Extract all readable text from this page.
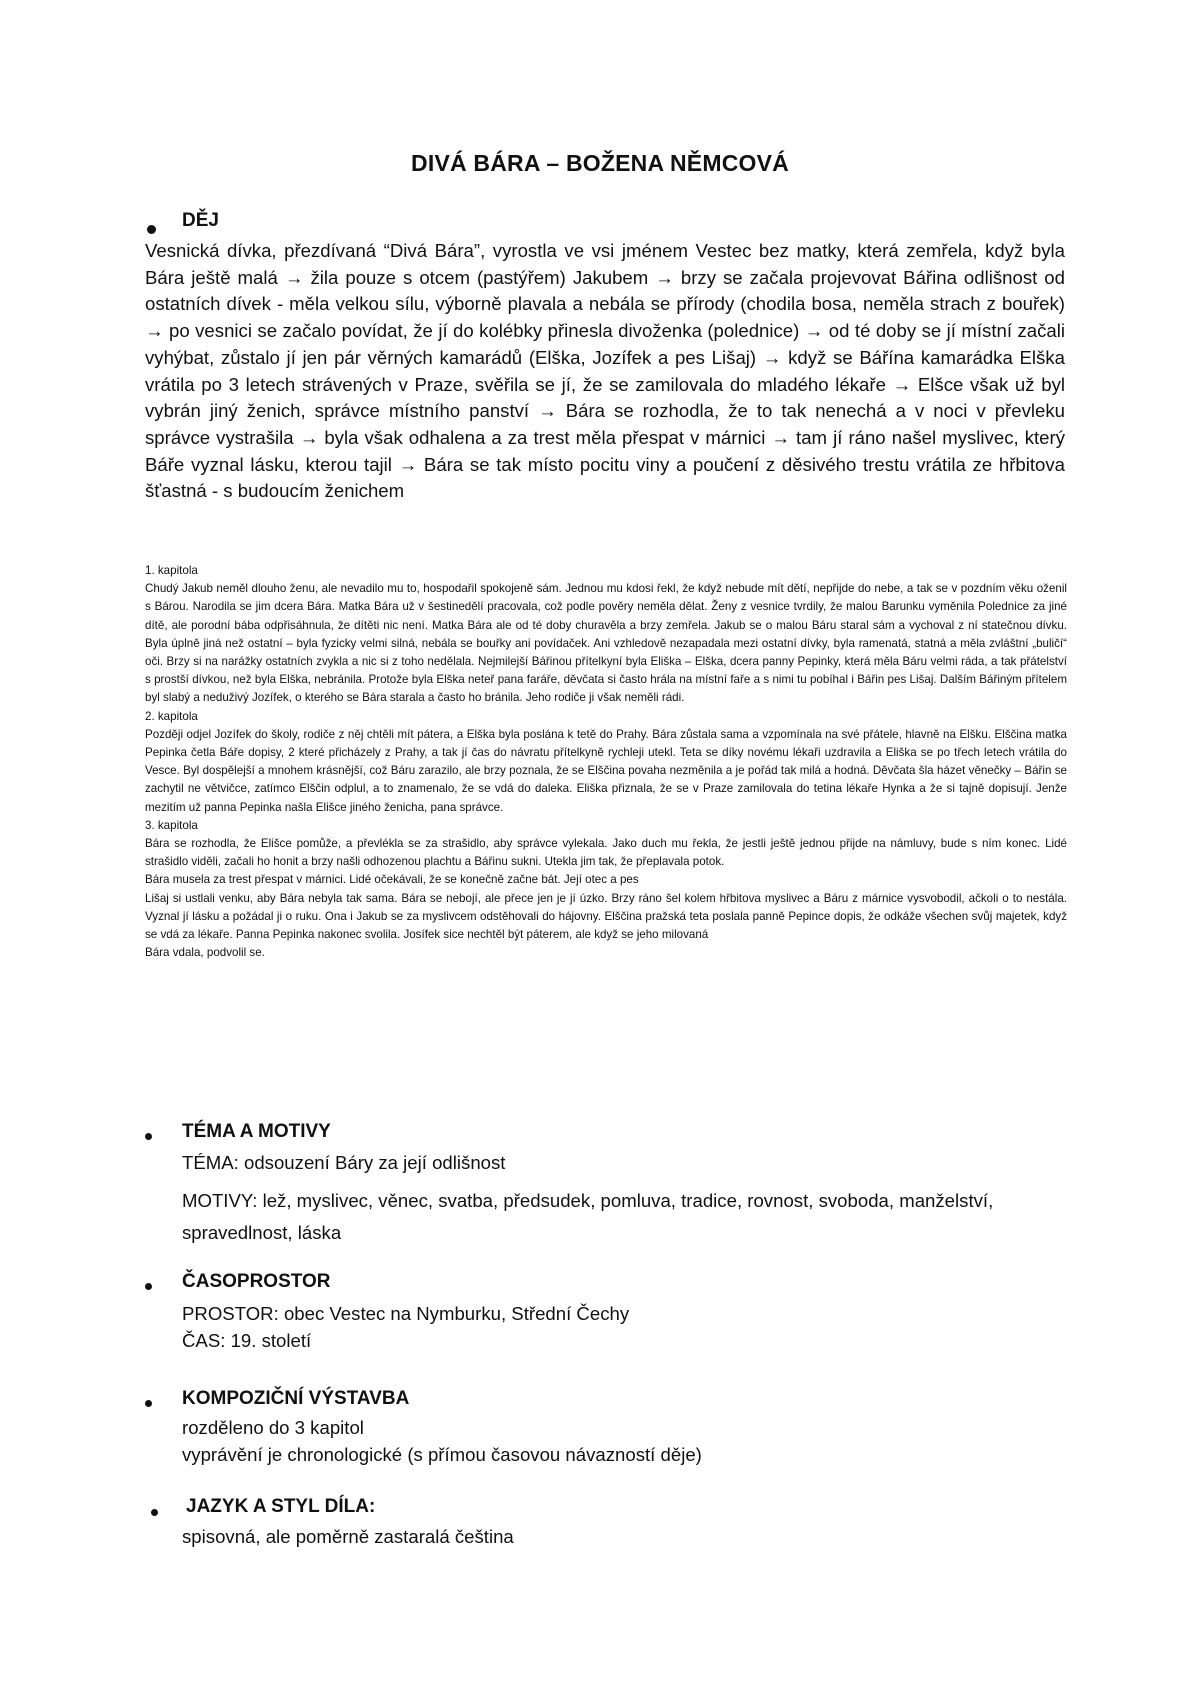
DIVÁ BÁRA – BOŽENA NĚMCOVÁ
DĚJ
Vesnická dívka, přezdívaná “Divá Bára”, vyrostla ve vsi jménem Vestec bez matky, která zemřela, když byla Bára ještě malá → žila pouze s otcem (pastýřem) Jakubem → brzy se začala projevovat Bářina odlišnost od ostatních dívek - měla velkou sílu, výborně plavala a nebála se přírody (chodila bosa, neměla strach z bouřek) → po vesnici se začalo povídat, že jí do kolébky přinesla divoženka (polednice) → od té doby se jí místní začali vyhýbat, zůstalo jí jen pár věrných kamarádů (Elška, Jozífek a pes Lišaj) → když se Bářína kamarádka Elška vrátila po 3 letech strávených v Praze, svěřila se jí, že se zamilovala do mladého lékaře → Elšce však už byl vybrán jiný ženich, správce místního panství → Bára se rozhodla, že to tak nenechá a v noci v převleku správce vystrašila → byla však odhalena a za trest měla přespat v márnici → tam jí ráno našel myslivec, který Báře vyznal lásku, kterou tajil → Bára se tak místo pocitu viny a poučení z děsivého trestu vrátila ze hřbitova šťastná - s budoucím ženichem

1. kapitola

Chudý Jakub neměl dlouho ženu, ale nevadilo mu to, hospodařil spokojeně sám. Jednou mu kdosi řekl, že když nebude mít dětí, nepřijde do nebe, a tak se v pozdním věku oženil s Bárou. Narodila se jim dcera Bára. Matka Bára už v šestinedělí pracovala, což podle pověry neměla dělat. Ženy z vesnice tvrdily, že malou Barunku vyměnila Polednice za jiné dítě, ale porodní bába odpřisáhnula, že dítěti nic není. Matka Bára ale od té doby churavěla a brzy zemřela. Jakub se o malou Báru staral sám a vychoval z ní statečnou dívku. Byla úplně jiná než ostatní – byla fyzicky velmi silná, nebála se bouřky ani povídaček. Ani vzhledově nezapadala mezi ostatní dívky, byla ramenatá, statná a měla zvláštní „buličí“ oči. Brzy si na narážky ostatních zvykla a nic si z toho nedělala. Nejmilejší Bářinou přítelkyní byla Eliška – Elška, dcera panny Pepinky, která měla Báru velmi ráda, a tak přátelství s prostší dívkou, než byla Elška, nebránila. Protože byla Elška neteř pana faráře, děvčata si často hrála na místní faře a s nimi tu pobíhal i Bářin pes Lišaj. Dalším Bářiným přítelem byl slabý a neduživý Jozífek, o kterého se Bára starala a často ho bránila. Jeho rodiče ji však neměli rádi.

2. kapitola

Později odjel Jozífek do školy, rodiče z něj chtěli mít pátera, a Elška byla poslána k tetě do Prahy. Bára zůstala sama a vzpomínala na své přátele, hlavně na Elšku. Elščina matka Pepinka četla Báře dopisy, 2 které přicházely z Prahy, a tak jí čas do návratu přítelkyně rychleji utekl. Teta se díky novému lékaři uzdravila a Eliška se po třech letech vrátila do Vesce. Byl dospělejší a mnohem krásnější, což Báru zarazilo, ale brzy poznala, že se Elščina povaha nezměnila a je pořád tak milá a hodná. Děvčata šla házet věnečky – Bářin se zachytil ne větvičce, zatímco Elščin odplul, a to znamenalo, že se vdá do daleka. Eliška přiznala, že se v Praze zamilovala do tetina lékaře Hynka a že si tajně dopisují. Jenže mezitím už panna Pepinka našla Elišce jiného ženicha, pana správce.

3. kapitola

Bára se rozhodla, že Elišce pomůže, a převlékla se za strašidlo, aby správce vylekala. Jako duch mu řekla, že jestli ještě jednou přijde na námluvy, bude s ním konec. Lidé strašidlo viděli, začali ho honit a brzy našli odhozenou plachtu a Bářinu sukni. Utekla jim tak, že přeplavala potok.

Bára musela za trest přespat v márnici. Lidé očekávali, že se konečně začne bát. Její otec a pes

Lišaj si ustlali venku, aby Bára nebyla tak sama. Bára se nebojí, ale přece jen je jí úzko. Brzy ráno šel kolem hřbitova myslivec a Báru z márnice vysvobodil, ačkoli o to nestála. Vyznal jí lásku a požádal ji o ruku. Ona i Jakub se za myslivcem odstěhovali do hájovny. Elščina pražská teta poslala panně Pepince dopis, že odkáže všechen svůj majetek, když se vdá za lékaře. Panna Pepinka nakonec svolila. Josífek sice nechtěl být páterem, ale když se jeho milovaná

Bára vdala, podvolil se.

TÉMA A MOTIVY
TÉMA: odsouzení Báry za její odlišnost
MOTIVY: lež, myslivec, věnec, svatba, předsudek, pomluva, tradice, rovnost, svoboda, manželství, spravedlnost, láska
ČASOPROSTOR
PROSTOR: obec Vestec na Nymburku, Střední Čechy
ČAS: 19. století
KOMPOZIČNÍ VÝSTAVBA
rozděleno do 3 kapitol
vyprávění je chronologické (s přímou časovou návazností děje)
JAZYK A STYL DÍLA:
spisovná, ale poměrně zastaralá čeština
